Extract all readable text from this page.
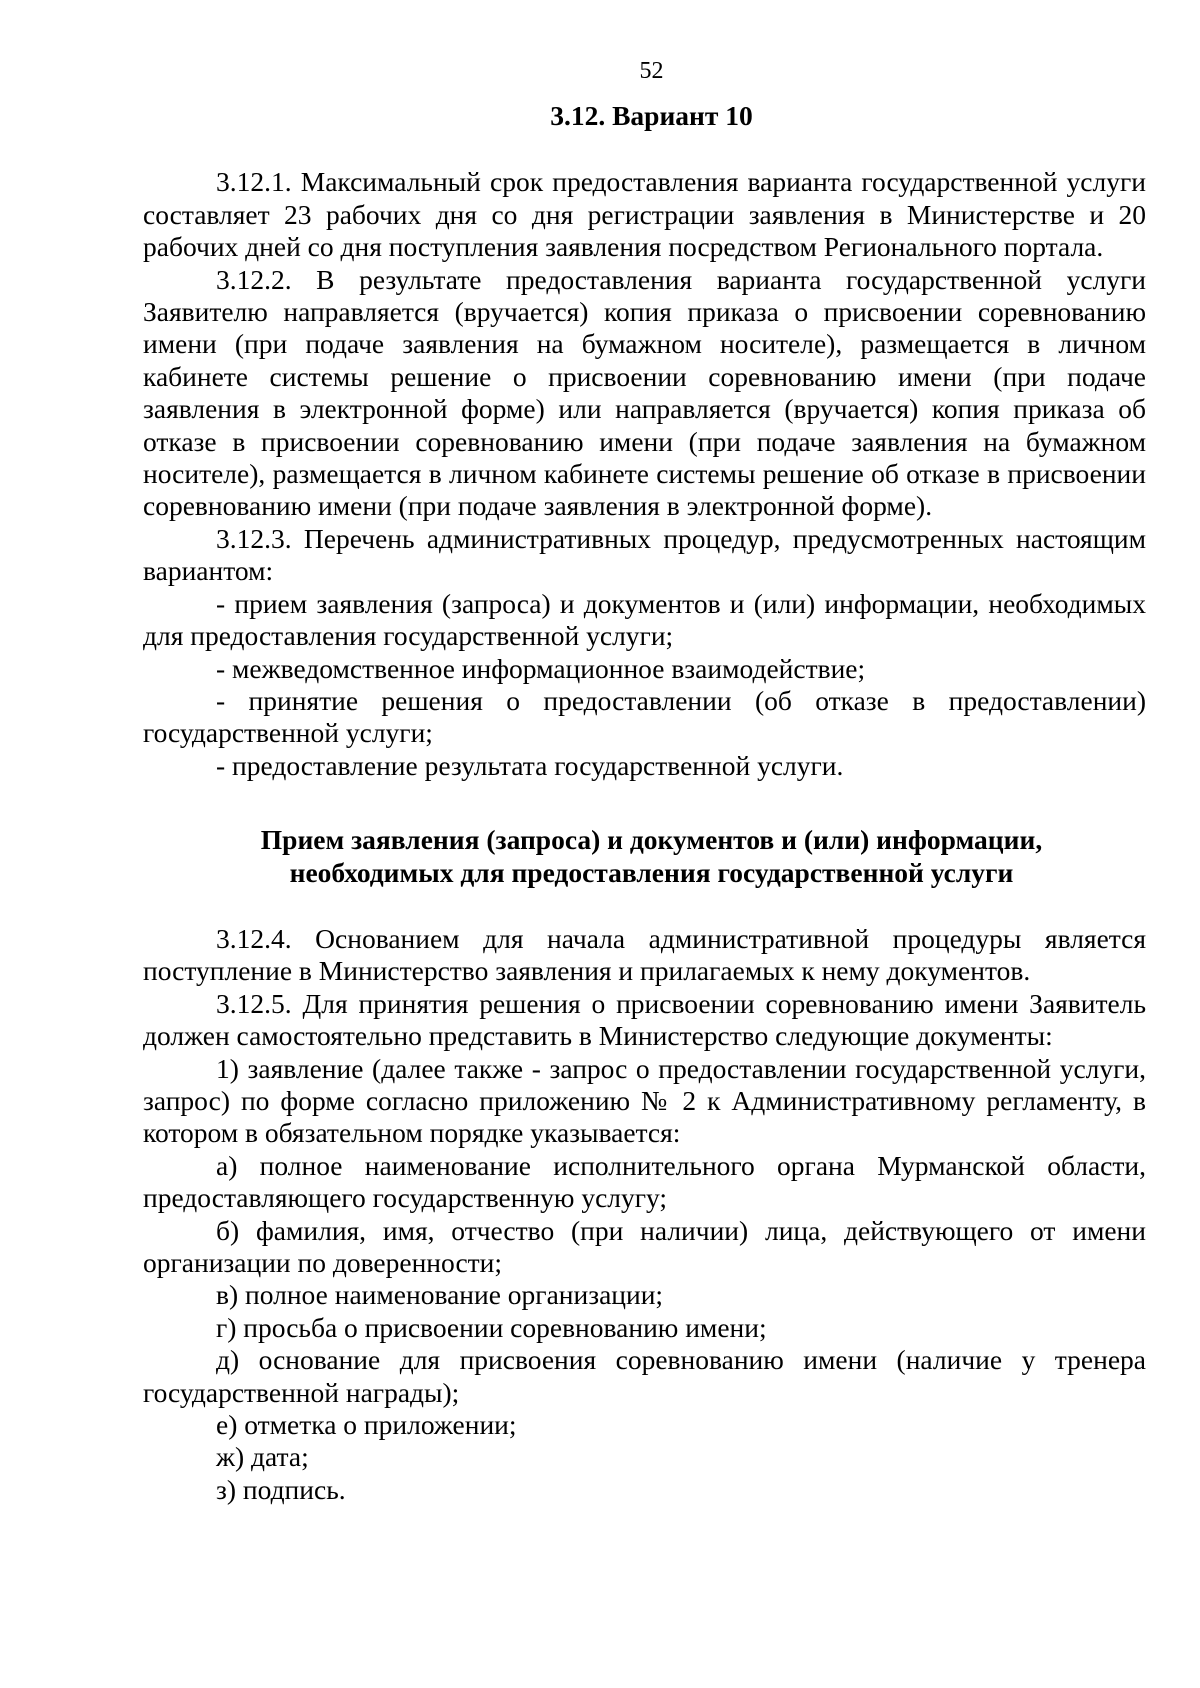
52
3.12. Вариант 10

3.12.1. Максимальный срок предоставления варианта государственной услуги составляет 23 рабочих дня со дня регистрации заявления в Министерстве и 20 рабочих дней со дня поступления заявления посредством Регионального портала.

3.12.2. В результате предоставления варианта государственной услуги Заявителю направляется (вручается) копия приказа о присвоении соревнованию имени (при подаче заявления на бумажном носителе), размещается в личном кабинете системы решение о присвоении соревнованию имени (при подаче заявления в электронной форме) или направляется (вручается) копия приказа об отказе в присвоении соревнованию имени (при подаче заявления на бумажном носителе), размещается в личном кабинете системы решение об отказе в присвоении соревнованию имени (при подаче заявления в электронной форме).

3.12.3. Перечень административных процедур, предусмотренных настоящим вариантом:

- прием заявления (запроса) и документов и (или) информации, необходимых для предоставления государственной услуги;

- межведомственное информационное взаимодействие;

- принятие решения о предоставлении (об отказе в предоставлении) государственной услуги;

- предоставление результата государственной услуги.

Прием заявления (запроса) и документов и (или) информации,
необходимых для предоставления государственной услуги

3.12.4. Основанием для начала административной процедуры является поступление в Министерство заявления и прилагаемых к нему документов.

3.12.5. Для принятия решения о присвоении соревнованию имени Заявитель должен самостоятельно представить в Министерство следующие документы:

1) заявление (далее также - запрос о предоставлении государственной услуги, запрос) по форме согласно приложению № 2 к Административному регламенту, в котором в обязательном порядке указывается:

а) полное наименование исполнительного органа Мурманской области, предоставляющего государственную услугу;

б) фамилия, имя, отчество (при наличии) лица, действующего от имени организации по доверенности;

в) полное наименование организации;

г) просьба о присвоении соревнованию имени;

д) основание для присвоения соревнованию имени (наличие у тренера государственной награды);

е) отметка о приложении;

ж) дата;

з) подпись.
